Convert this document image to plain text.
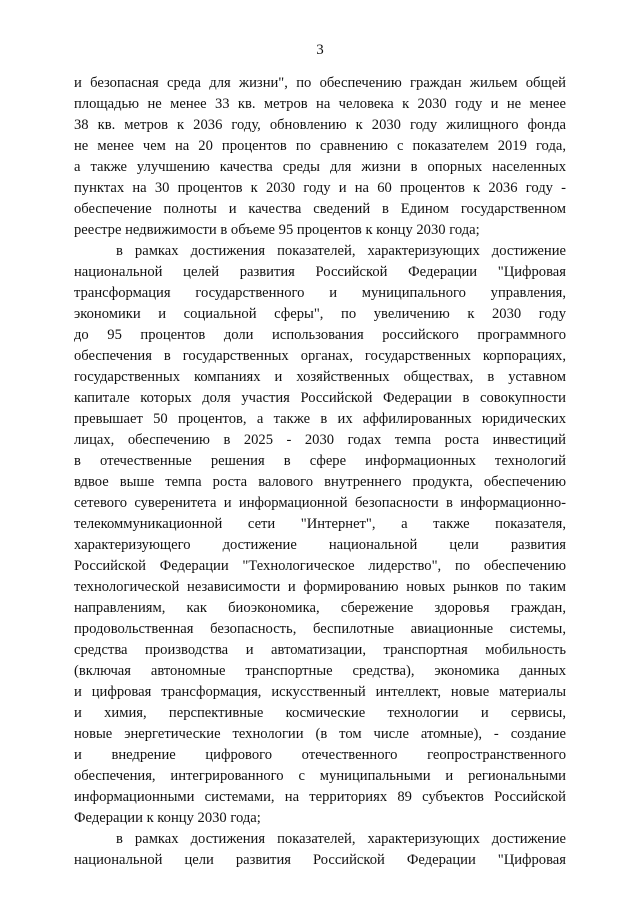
3

и безопасная среда для жизни", по обеспечению граждан жильем общей
площадью не менее 33 кв. метров на человека к 2030 году и не менее
38 кв. метров к 2036 году, обновлению к 2030 году жилищного фонда
не менее чем на 20 процентов по сравнению с показателем 2019 года,
а также улучшению качества среды для жизни в опорных населенных
пунктах на 30 процентов к 2030 году и на 60 процентов к 2036 году -
обеспечение полноты и качества сведений в Едином государственном
реестре недвижимости в объеме 95 процентов к концу 2030 года;

в рамках достижения показателей, характеризующих достижение
национальной целей развития Российской Федерации "Цифровая
трансформация государственного и муниципального управления,
экономики и социальной сферы", по увеличению к 2030 году
до 95 процентов доли использования российского программного
обеспечения в государственных органах, государственных корпорациях,
государственных компаниях и хозяйственных обществах, в уставном
капитале которых доля участия Российской Федерации в совокупности
превышает 50 процентов, а также в их аффилированных юридических
лицах, обеспечению в 2025 - 2030 годах темпа роста инвестиций
в отечественные решения в сфере информационных технологий
вдвое выше темпа роста валового внутреннего продукта, обеспечению
сетевого суверенитета и информационной безопасности в информационно-
телекоммуникационной сети "Интернет", а также показателя,
характеризующего достижение национальной цели развития
Российской Федерации "Технологическое лидерство", по обеспечению
технологической независимости и формированию новых рынков по таким
направлениям, как биоэкономика, сбережение здоровья граждан,
продовольственная безопасность, беспилотные авиационные системы,
средства производства и автоматизации, транспортная мобильность
(включая автономные транспортные средства), экономика данных
и цифровая трансформация, искусственный интеллект, новые материалы
и химия, перспективные космические технологии и сервисы,
новые энергетические технологии (в том числе атомные), - создание
и внедрение цифрового отечественного геопространственного
обеспечения, интегрированного с муниципальными и региональными
информационными системами, на территориях 89 субъектов Российской
Федерации к концу 2030 года;

в рамках достижения показателей, характеризующих достижение
национальной цели развития Российской Федерации "Цифровая
